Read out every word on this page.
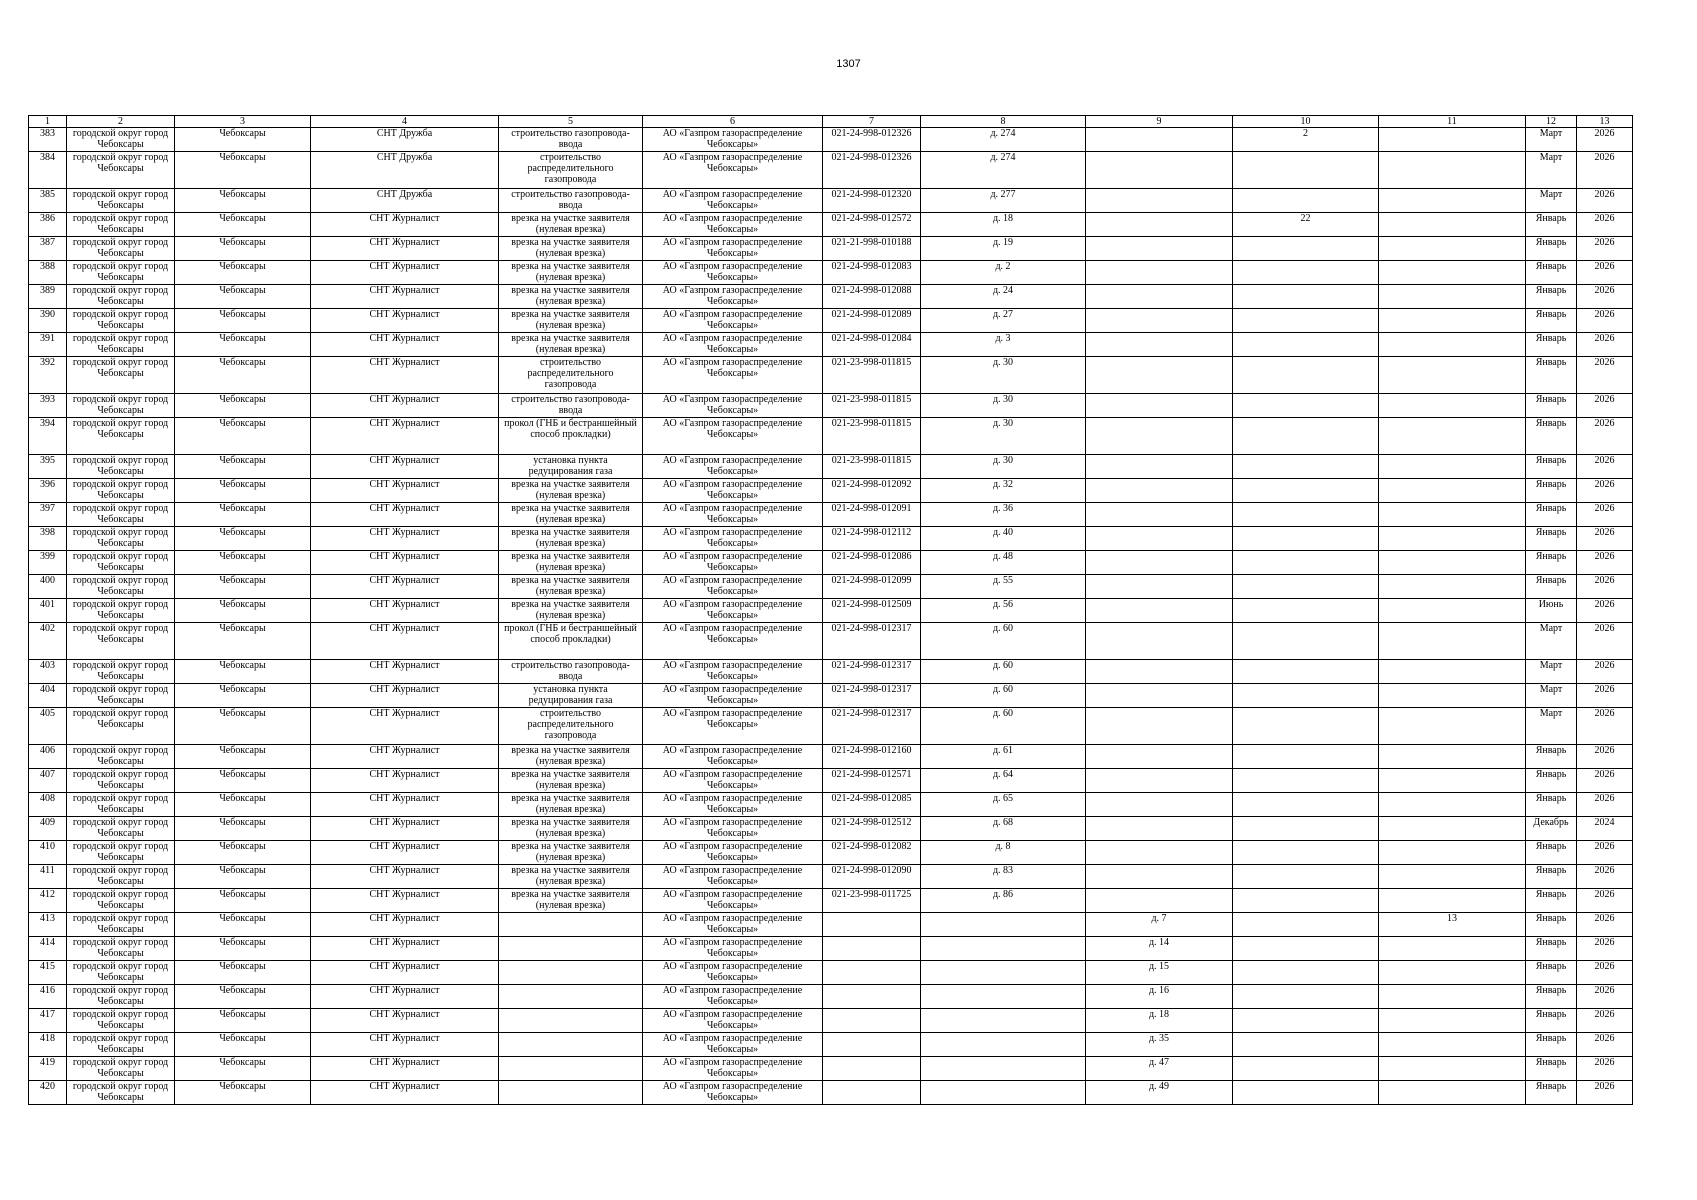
1307
1	2	3	4	5	6	7	8	9	10	11	12	13

383	городской округ город Чебоксары	Чебоксары	СНТ Дружба	строительство газопровода-ввода	АО «Газпром газораспределение Чебоксары»	021-24-998-012326	д. 274		2		Март	2026

384	городской округ город Чебоксары	Чебоксары	СНТ Дружба	строительство распределительного газопровода	АО «Газпром газораспределение Чебоксары»	021-24-998-012326	д. 274				Март	2026

385	городской округ город Чебоксары	Чебоксары	СНТ Дружба	строительство газопровода-ввода	АО «Газпром газораспределение Чебоксары»	021-24-998-012320	д. 277				Март	2026

386	городской округ город Чебоксары	Чебоксары	СНТ Журналист	врезка на участке заявителя (нулевая врезка)	АО «Газпром газораспределение Чебоксары»	021-24-998-012572	д. 18		22		Январь	2026

387	городской округ город Чебоксары	Чебоксары	СНТ Журналист	врезка на участке заявителя (нулевая врезка)	АО «Газпром газораспределение Чебоксары»	021-21-998-010188	д. 19				Январь	2026

388	городской округ город Чебоксары	Чебоксары	СНТ Журналист	врезка на участке заявителя (нулевая врезка)	АО «Газпром газораспределение Чебоксары»	021-24-998-012083	д. 2				Январь	2026

389	городской округ город Чебоксары	Чебоксары	СНТ Журналист	врезка на участке заявителя (нулевая врезка)	АО «Газпром газораспределение Чебоксары»	021-24-998-012088	д. 24				Январь	2026

390	городской округ город Чебоксары	Чебоксары	СНТ Журналист	врезка на участке заявителя (нулевая врезка)	АО «Газпром газораспределение Чебоксары»	021-24-998-012089	д. 27				Январь	2026

391	городской округ город Чебоксары	Чебоксары	СНТ Журналист	врезка на участке заявителя (нулевая врезка)	АО «Газпром газораспределение Чебоксары»	021-24-998-012084	д. 3				Январь	2026

392	городской округ город Чебоксары	Чебоксары	СНТ Журналист	строительство распределительного газопровода	АО «Газпром газораспределение Чебоксары»	021-23-998-011815	д. 30				Январь	2026

393	городской округ город Чебоксары	Чебоксары	СНТ Журналист	строительство газопровода-ввода	АО «Газпром газораспределение Чебоксары»	021-23-998-011815	д. 30				Январь	2026

394	городской округ город Чебоксары	Чебоксары	СНТ Журналист	прокол (ГНБ и бестраншейный способ прокладки)	АО «Газпром газораспределение Чебоксары»	021-23-998-011815	д. 30				Январь	2026

395	городской округ город Чебоксары	Чебоксары	СНТ Журналист	установка пункта редуцирования газа	АО «Газпром газораспределение Чебоксары»	021-23-998-011815	д. 30				Январь	2026

396	городской округ город Чебоксары	Чебоксары	СНТ Журналист	врезка на участке заявителя (нулевая врезка)	АО «Газпром газораспределение Чебоксары»	021-24-998-012092	д. 32				Январь	2026

397	городской округ город Чебоксары	Чебоксары	СНТ Журналист	врезка на участке заявителя (нулевая врезка)	АО «Газпром газораспределение Чебоксары»	021-24-998-012091	д. 36				Январь	2026

398	городской округ город Чебоксары	Чебоксары	СНТ Журналист	врезка на участке заявителя (нулевая врезка)	АО «Газпром газораспределение Чебоксары»	021-24-998-012112	д. 40				Январь	2026

399	городской округ город Чебоксары	Чебоксары	СНТ Журналист	врезка на участке заявителя (нулевая врезка)	АО «Газпром газораспределение Чебоксары»	021-24-998-012086	д. 48				Январь	2026

400	городской округ город Чебоксары	Чебоксары	СНТ Журналист	врезка на участке заявителя (нулевая врезка)	АО «Газпром газораспределение Чебоксары»	021-24-998-012099	д. 55				Январь	2026

401	городской округ город Чебоксары	Чебоксары	СНТ Журналист	врезка на участке заявителя (нулевая врезка)	АО «Газпром газораспределение Чебоксары»	021-24-998-012509	д. 56				Июнь	2026

402	городской округ город Чебоксары	Чебоксары	СНТ Журналист	прокол (ГНБ и бестраншейный способ прокладки)	АО «Газпром газораспределение Чебоксары»	021-24-998-012317	д. 60				Март	2026

403	городской округ город Чебоксары	Чебоксары	СНТ Журналист	строительство газопровода-ввода	АО «Газпром газораспределение Чебоксары»	021-24-998-012317	д. 60				Март	2026

404	городской округ город Чебоксары	Чебоксары	СНТ Журналист	установка пункта редуцирования газа	АО «Газпром газораспределение Чебоксары»	021-24-998-012317	д. 60				Март	2026

405	городской округ город Чебоксары	Чебоксары	СНТ Журналист	строительство распределительного газопровода	АО «Газпром газораспределение Чебоксары»	021-24-998-012317	д. 60				Март	2026

406	городской округ город Чебоксары	Чебоксары	СНТ Журналист	врезка на участке заявителя (нулевая врезка)	АО «Газпром газораспределение Чебоксары»	021-24-998-012160	д. 61				Январь	2026

407	городской округ город Чебоксары	Чебоксары	СНТ Журналист	врезка на участке заявителя (нулевая врезка)	АО «Газпром газораспределение Чебоксары»	021-24-998-012571	д. 64				Январь	2026

408	городской округ город Чебоксары	Чебоксары	СНТ Журналист	врезка на участке заявителя (нулевая врезка)	АО «Газпром газораспределение Чебоксары»	021-24-998-012085	д. 65				Январь	2026

409	городской округ город Чебоксары	Чебоксары	СНТ Журналист	врезка на участке заявителя (нулевая врезка)	АО «Газпром газораспределение Чебоксары»	021-24-998-012512	д. 68				Декабрь	2024

410	городской округ город Чебоксары	Чебоксары	СНТ Журналист	врезка на участке заявителя (нулевая врезка)	АО «Газпром газораспределение Чебоксары»	021-24-998-012082	д. 8				Январь	2026

411	городской округ город Чебоксары	Чебоксары	СНТ Журналист	врезка на участке заявителя (нулевая врезка)	АО «Газпром газораспределение Чебоксары»	021-24-998-012090	д. 83				Январь	2026

412	городской округ город Чебоксары	Чебоксары	СНТ Журналист	врезка на участке заявителя (нулевая врезка)	АО «Газпром газораспределение Чебоксары»	021-23-998-011725	д. 86				Январь	2026

413	городской округ город Чебоксары	Чебоксары	СНТ Журналист		АО «Газпром газораспределение Чебоксары»			д. 7		13	Январь	2026

414	городской округ город Чебоксары	Чебоксары	СНТ Журналист		АО «Газпром газораспределение Чебоксары»			д. 14			Январь	2026

415	городской округ город Чебоксары	Чебоксары	СНТ Журналист		АО «Газпром газораспределение Чебоксары»			д. 15			Январь	2026

416	городской округ город Чебоксары	Чебоксары	СНТ Журналист		АО «Газпром газораспределение Чебоксары»			д. 16			Январь	2026

417	городской округ город Чебоксары	Чебоксары	СНТ Журналист		АО «Газпром газораспределение Чебоксары»			д. 18			Январь	2026

418	городской округ город Чебоксары	Чебоксары	СНТ Журналист		АО «Газпром газораспределение Чебоксары»			д. 35			Январь	2026

419	городской округ город Чебоксары	Чебоксары	СНТ Журналист		АО «Газпром газораспределение Чебоксары»			д. 47			Январь	2026

420	городской округ город Чебоксары	Чебоксары	СНТ Журналист		АО «Газпром газораспределение Чебоксары»			д. 49			Январь	2026
